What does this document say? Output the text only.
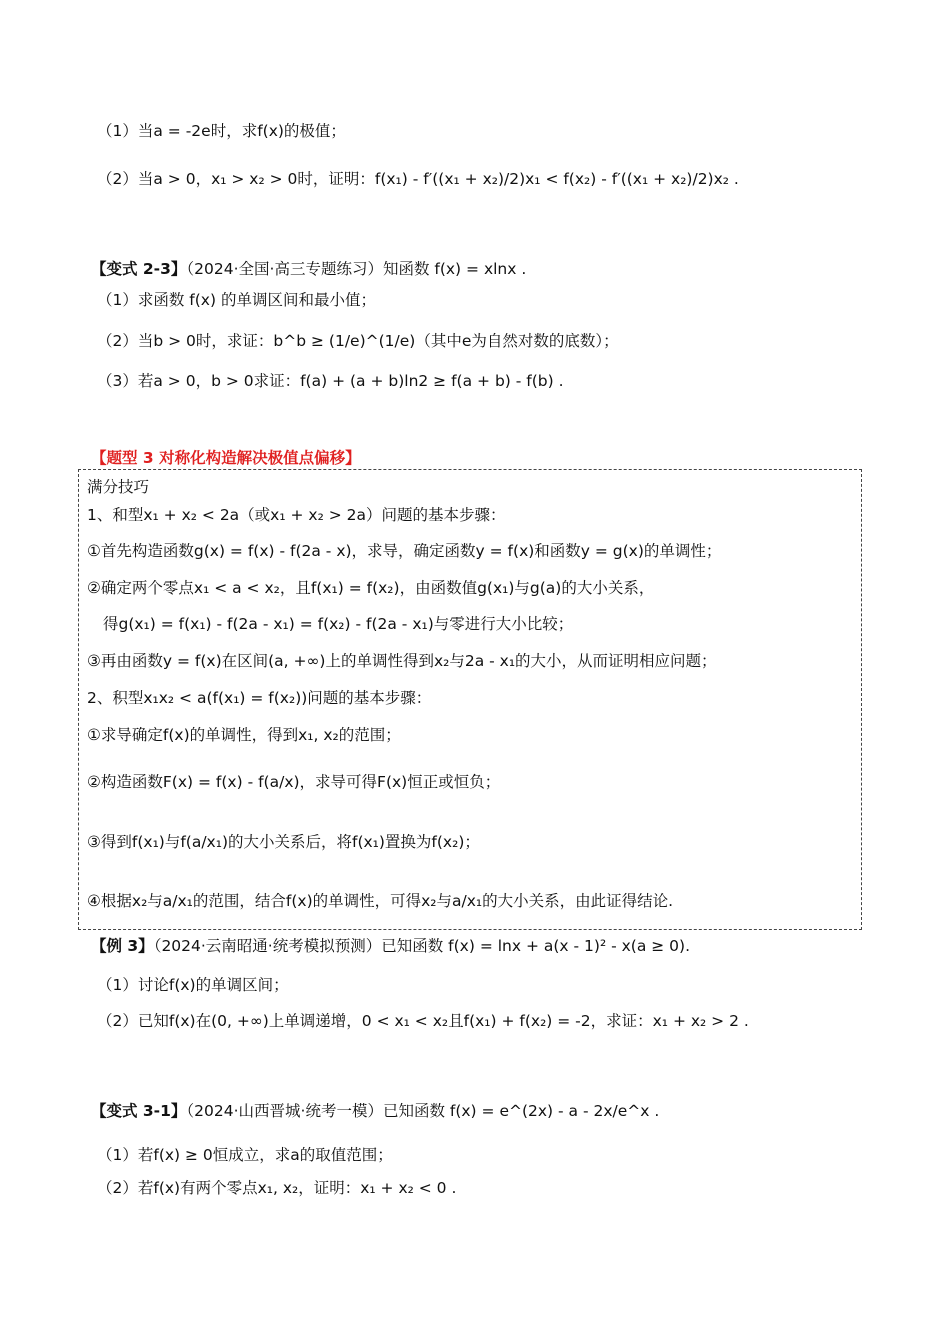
（1）当a = -2e时，求f(x)的极值；
（2）当a > 0，x₁ > x₂ > 0时，证明：f(x₁) - f′((x₁ + x₂)/2)x₁ < f(x₂) - f′((x₁ + x₂)/2)x₂ .
【变式 2-3】（2024·全国·高三专题练习）知函数 f(x) = xlnx .
（1）求函数 f(x) 的单调区间和最小值；
（2）当b > 0时，求证：b^b ≥ (1/e)^(1/e)（其中e为自然对数的底数）；
（3）若a > 0，b > 0求证：f(a) + (a + b)ln2 ≥ f(a + b) - f(b) .
【题型 3 对称化构造解决极值点偏移】
满分技巧
1、和型x₁ + x₂ < 2a（或x₁ + x₂ > 2a）问题的基本步骤：
①首先构造函数g(x) = f(x) - f(2a - x)，求导，确定函数y = f(x)和函数y = g(x)的单调性；
②确定两个零点x₁ < a < x₂，且f(x₁) = f(x₂)，由函数值g(x₁)与g(a)的大小关系，
得g(x₁) = f(x₁) - f(2a - x₁) = f(x₂) - f(2a - x₁)与零进行大小比较；
③再由函数y = f(x)在区间(a, +∞)上的单调性得到x₂与2a - x₁的大小，从而证明相应问题；
2、积型x₁x₂ < a(f(x₁) = f(x₂))问题的基本步骤：
①求导确定f(x)的单调性，得到x₁, x₂的范围；
②构造函数F(x) = f(x) - f(a/x)，求导可得F(x)恒正或恒负；
③得到f(x₁)与f(a/x₁)的大小关系后，将f(x₁)置换为f(x₂)；
④根据x₂与a/x₁的范围，结合f(x)的单调性，可得x₂与a/x₁的大小关系，由此证得结论.
【例 3】（2024·云南昭通·统考模拟预测）已知函数 f(x) = lnx + a(x - 1)² - x(a ≥ 0).
（1）讨论f(x)的单调区间；
（2）已知f(x)在(0, +∞)上单调递增，0 < x₁ < x₂且f(x₁) + f(x₂) = -2，求证：x₁ + x₂ > 2 .
【变式 3-1】（2024·山西晋城·统考一模）已知函数 f(x) = e^(2x) - a - 2x/e^x .
（1）若f(x) ≥ 0恒成立，求a的取值范围；
（2）若f(x)有两个零点x₁, x₂，证明：x₁ + x₂ < 0 .
